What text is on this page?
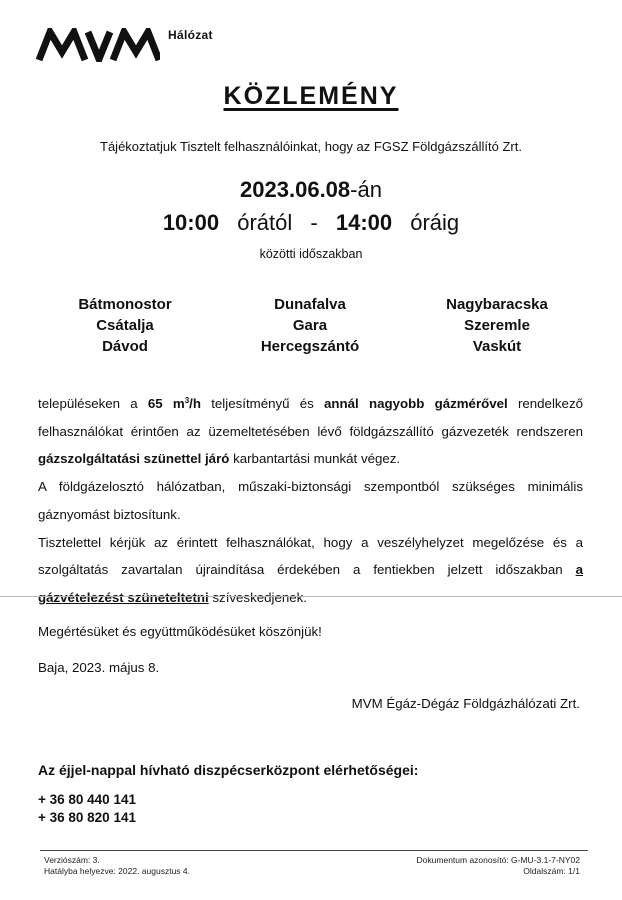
Hálózat
KÖZLEMÉNY
Tájékoztatjuk Tisztelt felhasználóinkat, hogy az FGSZ Földgázszállító Zrt.
2023.06.08-án
10:00 órától - 14:00 óráig
közötti időszakban
Bátmonostor
Csátalja
Dávod
Dunafalva
Gara
Hercegszántó
Nagybaracska
Szeremle
Vaskút

településeken a 65 $m^3/h$ teljesítményű és annál nagyobb gázmérővel rendelkező felhasználókat érintően az üzemeltetésében lévő földgázszállító gázvezeték rendszeren gázszolgáltatási szünettel járó karbantartási munkát végez.

A földgázelosztó hálózatban, műszaki-biztonsági szempontból szükséges minimális gáznyomást biztosítunk.

Tisztelettel kérjük az érintett felhasználókat, hogy a veszélyhelyzet megelőzése és a szolgáltatás zavartalan újraindítása érdekében a fentiekben jelzett időszakban a gázvételezést szüneteltetni szíveskedjenek.

Megértésüket és együttműködésüket köszönjük!
Baja, 2023. május 8.
MVM Égáz-Dégáz Földgázhálózati Zrt.
Az éjjel-nappal hívható diszpécserközpont elérhetőségei:
+ 36 80 440 141
+ 36 80 820 141
Verziószám: 3.
Hatályba helyezve: 2022. augusztus 4.
Dokumentum azonosító: G-MU-3.1-7-NY02
Oldalszám: 1/1
